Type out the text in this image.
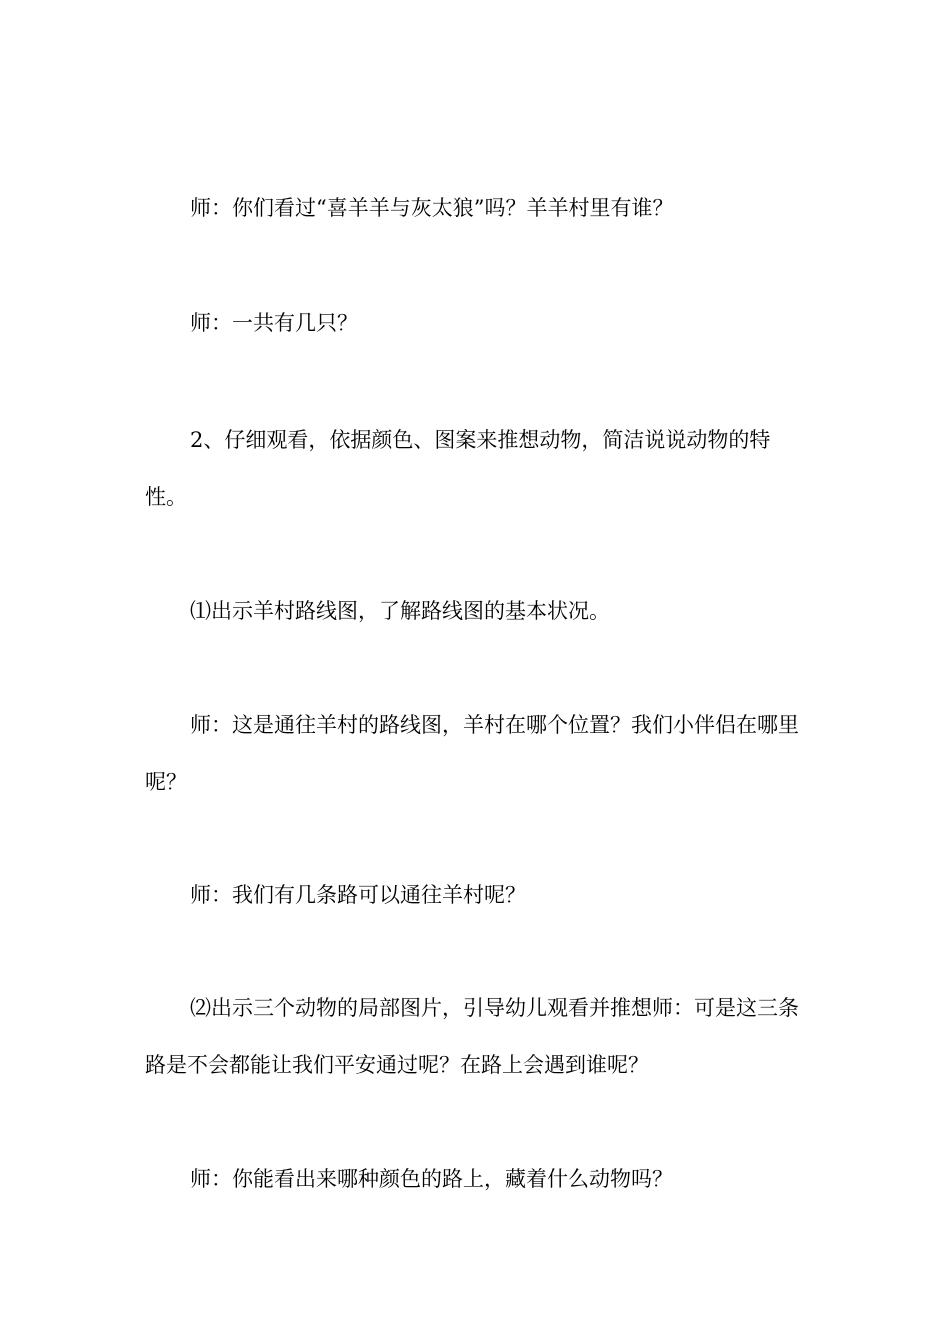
师：你们看过“喜羊羊与灰太狼”吗？羊羊村里有谁？

师：一共有几只？

2、仔细观看，依据颜色、图案来推想动物，简洁说说动物的特性。

⑴出示羊村路线图，了解路线图的基本状况。

师：这是通往羊村的路线图，羊村在哪个位置？我们小伴侣在哪里呢？

师：我们有几条路可以通往羊村呢？

⑵出示三个动物的局部图片，引导幼儿观看并推想师：可是这三条路是不会都能让我们平安通过呢？在路上会遇到谁呢？

师：你能看出来哪种颜色的路上，藏着什么动物吗？
